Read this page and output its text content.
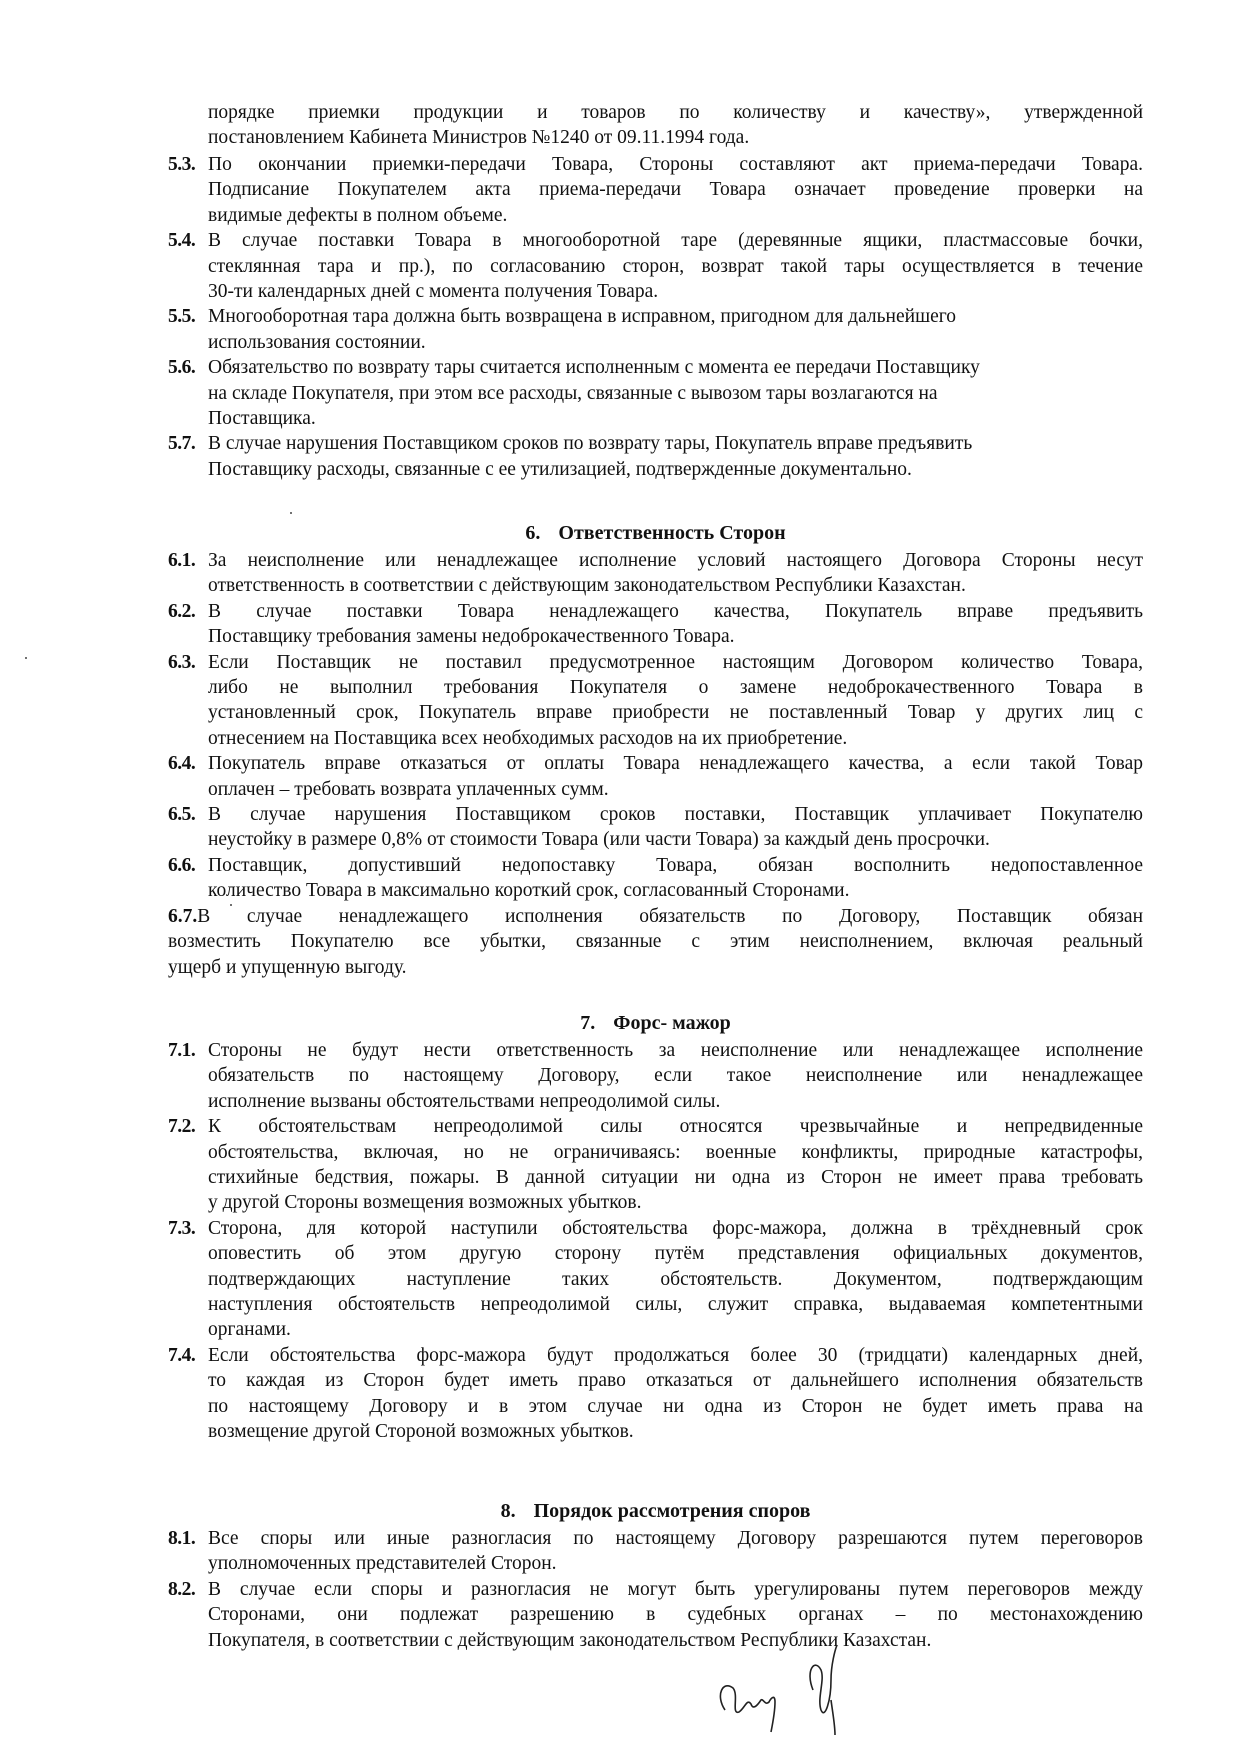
порядке приемки продукции и товаров по количеству и качеству», утвержденной
постановлением Кабинета Министров №1240 от 09.11.1994 года.
5.3. По окончании приемки-передачи Товара, Стороны составляют акт приема-передачи Товара.
Подписание Покупателем акта приема-передачи Товара означает проведение проверки на
видимые дефекты в полном объеме.
5.4. В случае поставки Товара в многооборотной таре (деревянные ящики, пластмассовые бочки,
стеклянная тара и пр.), по согласованию сторон, возврат такой тары осуществляется в течение
30-ти календарных дней с момента получения Товара.
5.5. Многооборотная тара должна быть возвращена в исправном, пригодном для дальнейшего
использования состоянии.
5.6. Обязательство по возврату тары считается исполненным с момента ее передачи Поставщику
на складе Покупателя, при этом все расходы, связанные с вывозом тары возлагаются на
Поставщика.
5.7. В случае нарушения Поставщиком сроков по возврату тары, Покупатель вправе предъявить
Поставщику расходы, связанные с ее утилизацией, подтвержденные документально.
6. Ответственность Сторон
6.1. За неисполнение или ненадлежащее исполнение условий настоящего Договора Стороны несут
ответственность в соответствии с действующим законодательством Республики Казахстан.
6.2. В случае поставки Товара ненадлежащего качества, Покупатель вправе предъявить
Поставщику требования замены недоброкачественного Товара.
6.3. Если Поставщик не поставил предусмотренное настоящим Договором количество Товара,
либо не выполнил требования Покупателя о замене недоброкачественного Товара в
установленный срок, Покупатель вправе приобрести не поставленный Товар у других лиц с
отнесением на Поставщика всех необходимых расходов на их приобретение.
6.4. Покупатель вправе отказаться от оплаты Товара ненадлежащего качества, а если такой Товар
оплачен – требовать возврата уплаченных сумм.
6.5. В случае нарушения Поставщиком сроков поставки, Поставщик уплачивает Покупателю
неустойку в размере 0,8% от стоимости Товара (или части Товара) за каждый день просрочки.
6.6. Поставщик, допустивший недопоставку Товара, обязан восполнить недопоставленное
количество Товара в максимально короткий срок, согласованный Сторонами.
6.7.В случае ненадлежащего исполнения обязательств по Договору, Поставщик обязан
возместить Покупателю все убытки, связанные с этим неисполнением, включая реальный
ущерб и упущенную выгоду.
7. Форс- мажор
7.1. Стороны не будут нести ответственность за неисполнение или ненадлежащее исполнение
обязательств по настоящему Договору, если такое неисполнение или ненадлежащее
исполнение вызваны обстоятельствами непреодолимой силы.
7.2. К обстоятельствам непреодолимой силы относятся чрезвычайные и непредвиденные
обстоятельства, включая, но не ограничиваясь: военные конфликты, природные катастрофы,
стихийные бедствия, пожары. В данной ситуации ни одна из Сторон не имеет права требовать
у другой Стороны возмещения возможных убытков.
7.3. Сторона, для которой наступили обстоятельства форс-мажора, должна в трёхдневный срок
оповестить об этом другую сторону путём представления официальных документов,
подтверждающих наступление таких обстоятельств. Документом, подтверждающим
наступления обстоятельств непреодолимой силы, служит справка, выдаваемая компетентными
органами.
7.4. Если обстоятельства форс-мажора будут продолжаться более 30 (тридцати) календарных дней,
то каждая из Сторон будет иметь право отказаться от дальнейшего исполнения обязательств
по настоящему Договору и в этом случае ни одна из Сторон не будет иметь права на
возмещение другой Стороной возможных убытков.
8. Порядок рассмотрения споров
8.1. Все споры или иные разногласия по настоящему Договору разрешаются путем переговоров
уполномоченных представителей Сторон.
8.2. В случае если споры и разногласия не могут быть урегулированы путем переговоров между
Сторонами, они подлежат разрешению в судебных органах – по местонахождению
Покупателя, в соответствии с действующим законодательством Республики Казахстан.
